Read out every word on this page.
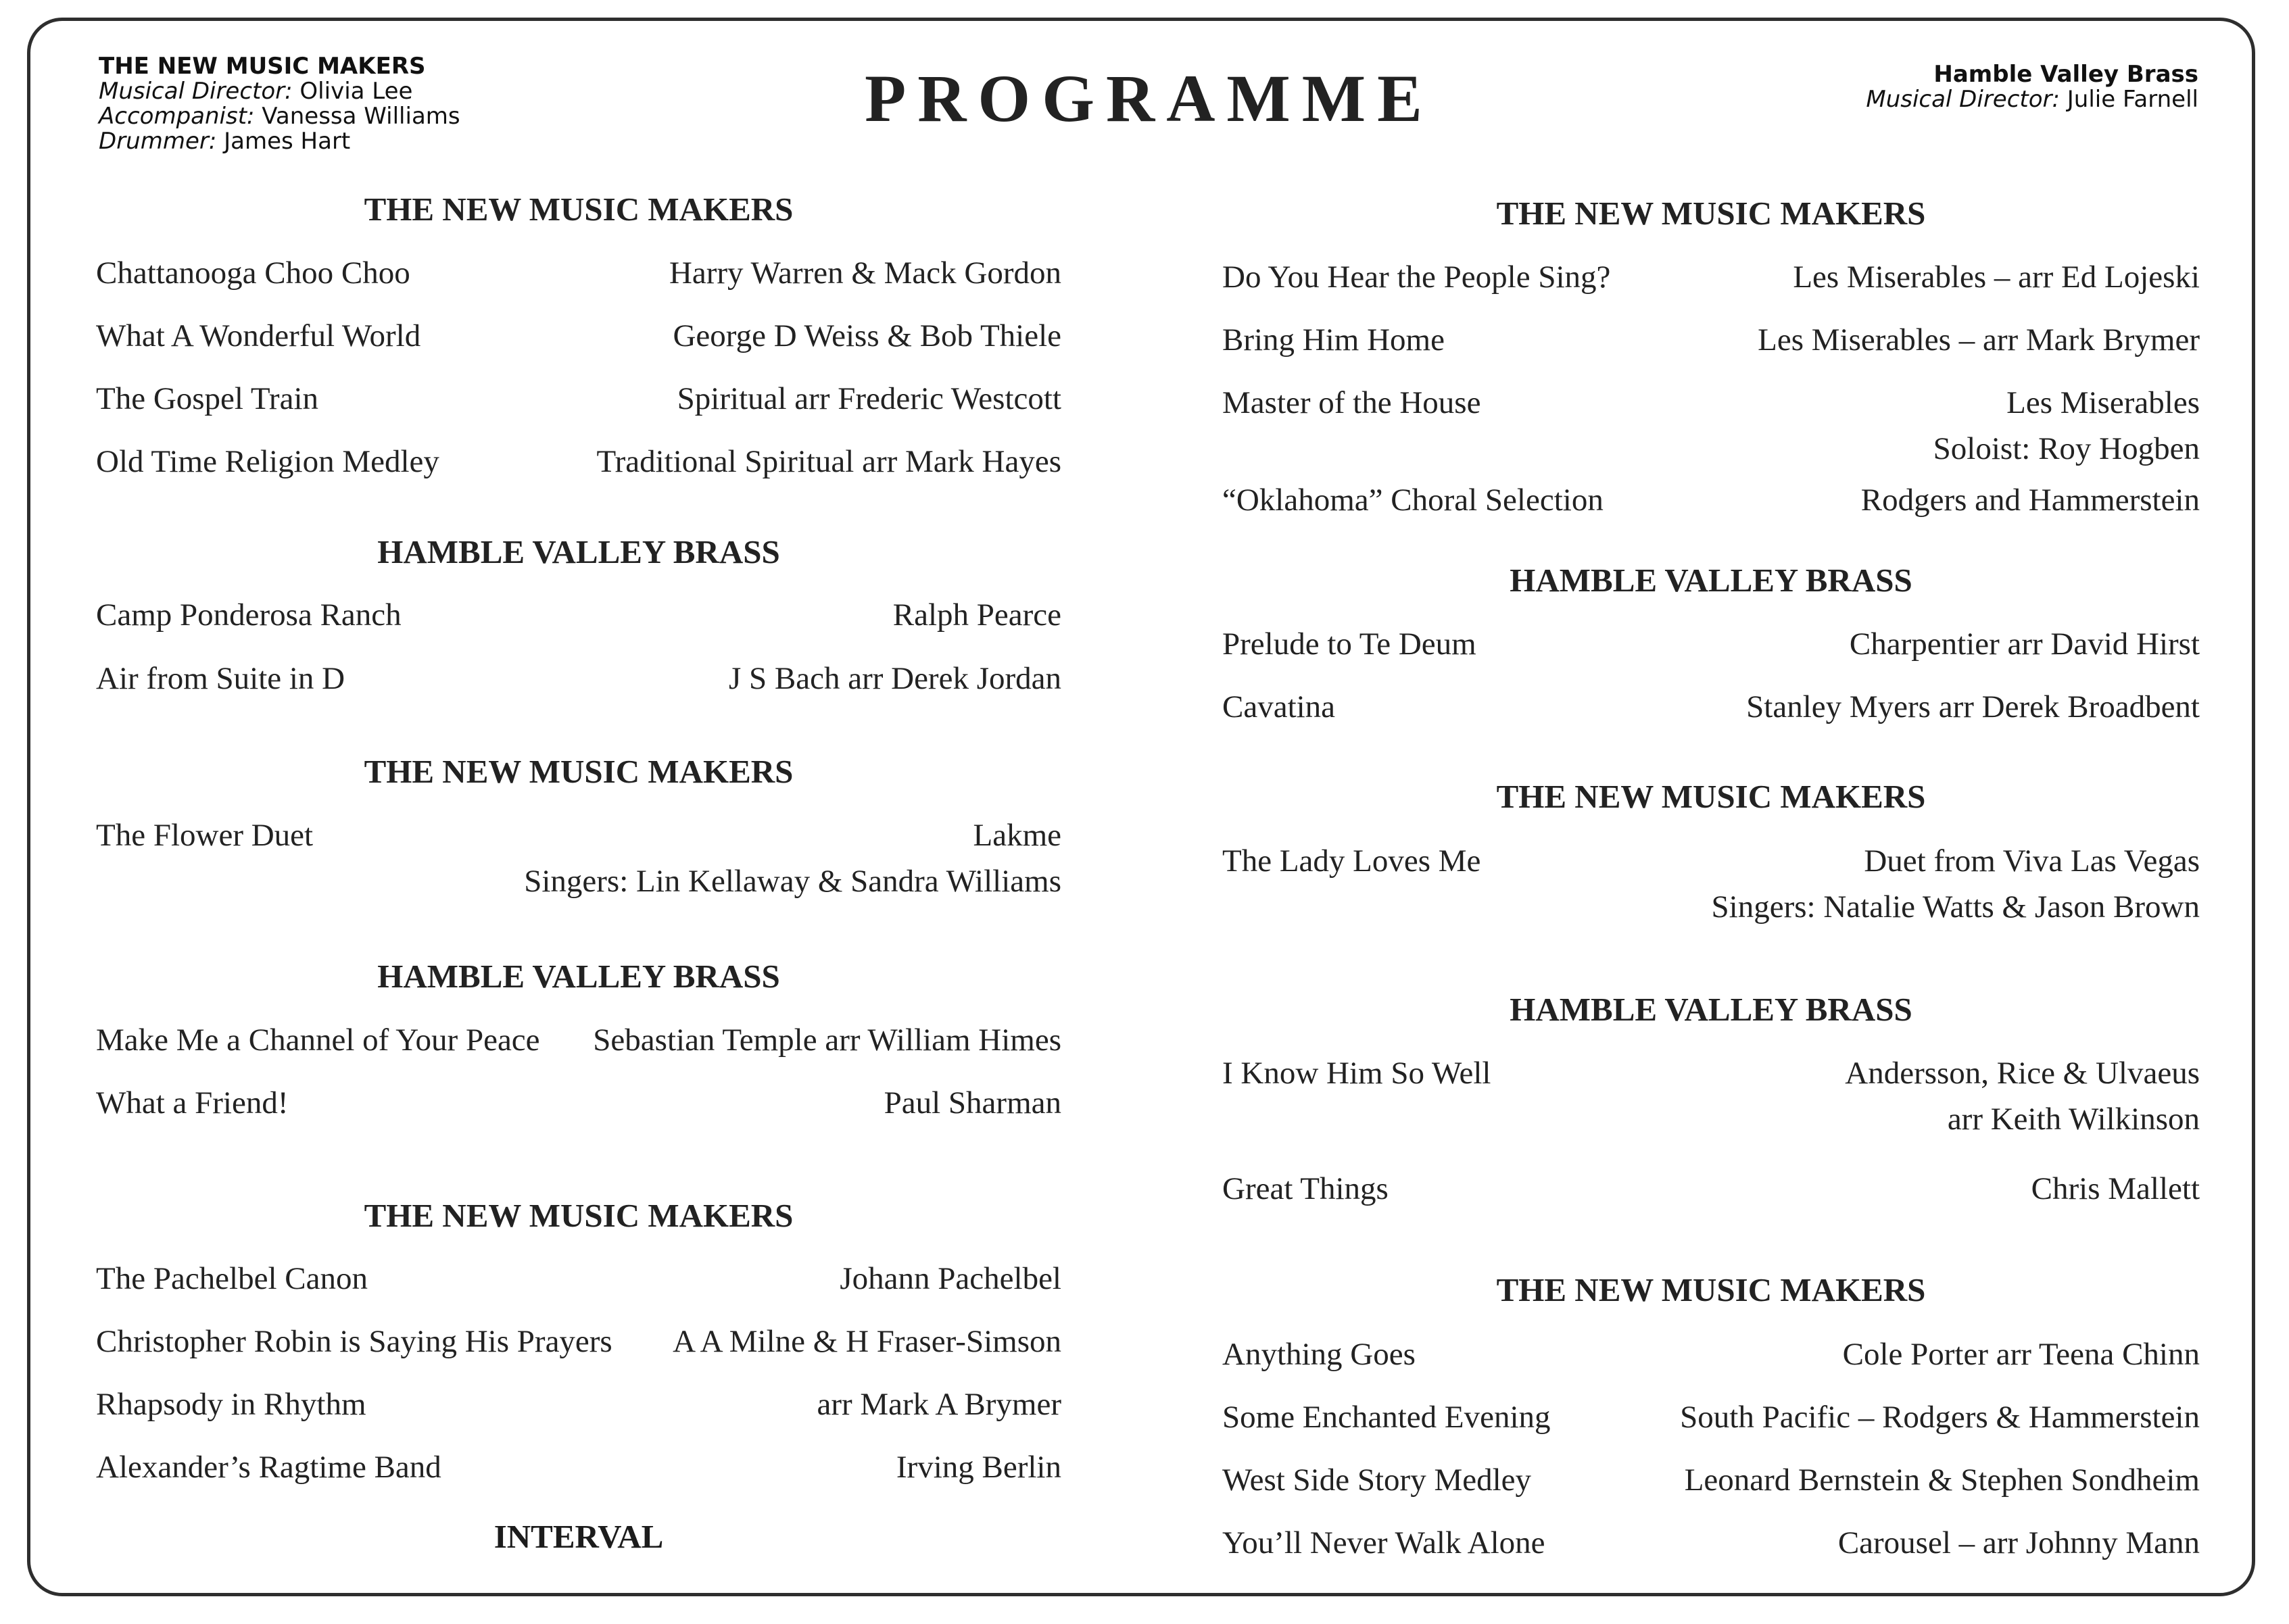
THE NEW MUSIC MAKERS
Musical Director: Olivia Lee
Accompanist: Vanessa Williams
Drummer: James Hart
PROGRAMME	Hamble Valley Brass
Musical Director: Julie Farnell
THE NEW MUSIC MAKERS
Chattanooga Choo Choo	Harry Warren & Mack Gordon
What A Wonderful World	George D Weiss & Bob Thiele
The Gospel Train	Spiritual arr Frederic Westcott
Old Time Religion Medley	Traditional Spiritual arr Mark Hayes
HAMBLE VALLEY BRASS
Camp Ponderosa Ranch	Ralph Pearce
Air from Suite in D	J S Bach arr Derek Jordan
THE NEW MUSIC MAKERS
The Flower Duet	Lakme
Singers: Lin Kellaway & Sandra Williams
HAMBLE VALLEY BRASS
Make Me a Channel of Your Peace Sebastian Temple arr William Himes
What a Friend!	Paul Sharman
THE NEW MUSIC MAKERS
The Pachelbel Canon	Johann Pachelbel
Christopher Robin is Saying His Prayers A A Milne & H Fraser-Simson
Rhapsody in Rhythm	arr Mark A Brymer
Alexander’s Ragtime Band	Irving Berlin
INTERVAL
THE NEW MUSIC MAKERS
Do You Hear the People Sing?	Les Miserables – arr Ed Lojeski
Bring Him Home	Les Miserables – arr Mark Brymer
Master of the House	Les Miserables
Soloist: Roy Hogben
“Oklahoma” Choral Selection	Rodgers and Hammerstein
HAMBLE VALLEY BRASS
Prelude to Te Deum	Charpentier arr David Hirst
Cavatina	Stanley Myers arr Derek Broadbent
THE NEW MUSIC MAKERS
The Lady Loves Me	Duet from Viva Las Vegas
Singers: Natalie Watts & Jason Brown
HAMBLE VALLEY BRASS
I Know Him So Well	Andersson, Rice & Ulvaeus
arr Keith Wilkinson
Great Things	Chris Mallett
THE NEW MUSIC MAKERS
Anything Goes	Cole Porter arr Teena Chinn
Some Enchanted Evening	South Pacific – Rodgers & Hammerstein
West Side Story Medley	Leonard Bernstein & Stephen Sondheim
You’ll Never Walk Alone	Carousel – arr Johnny Mann
